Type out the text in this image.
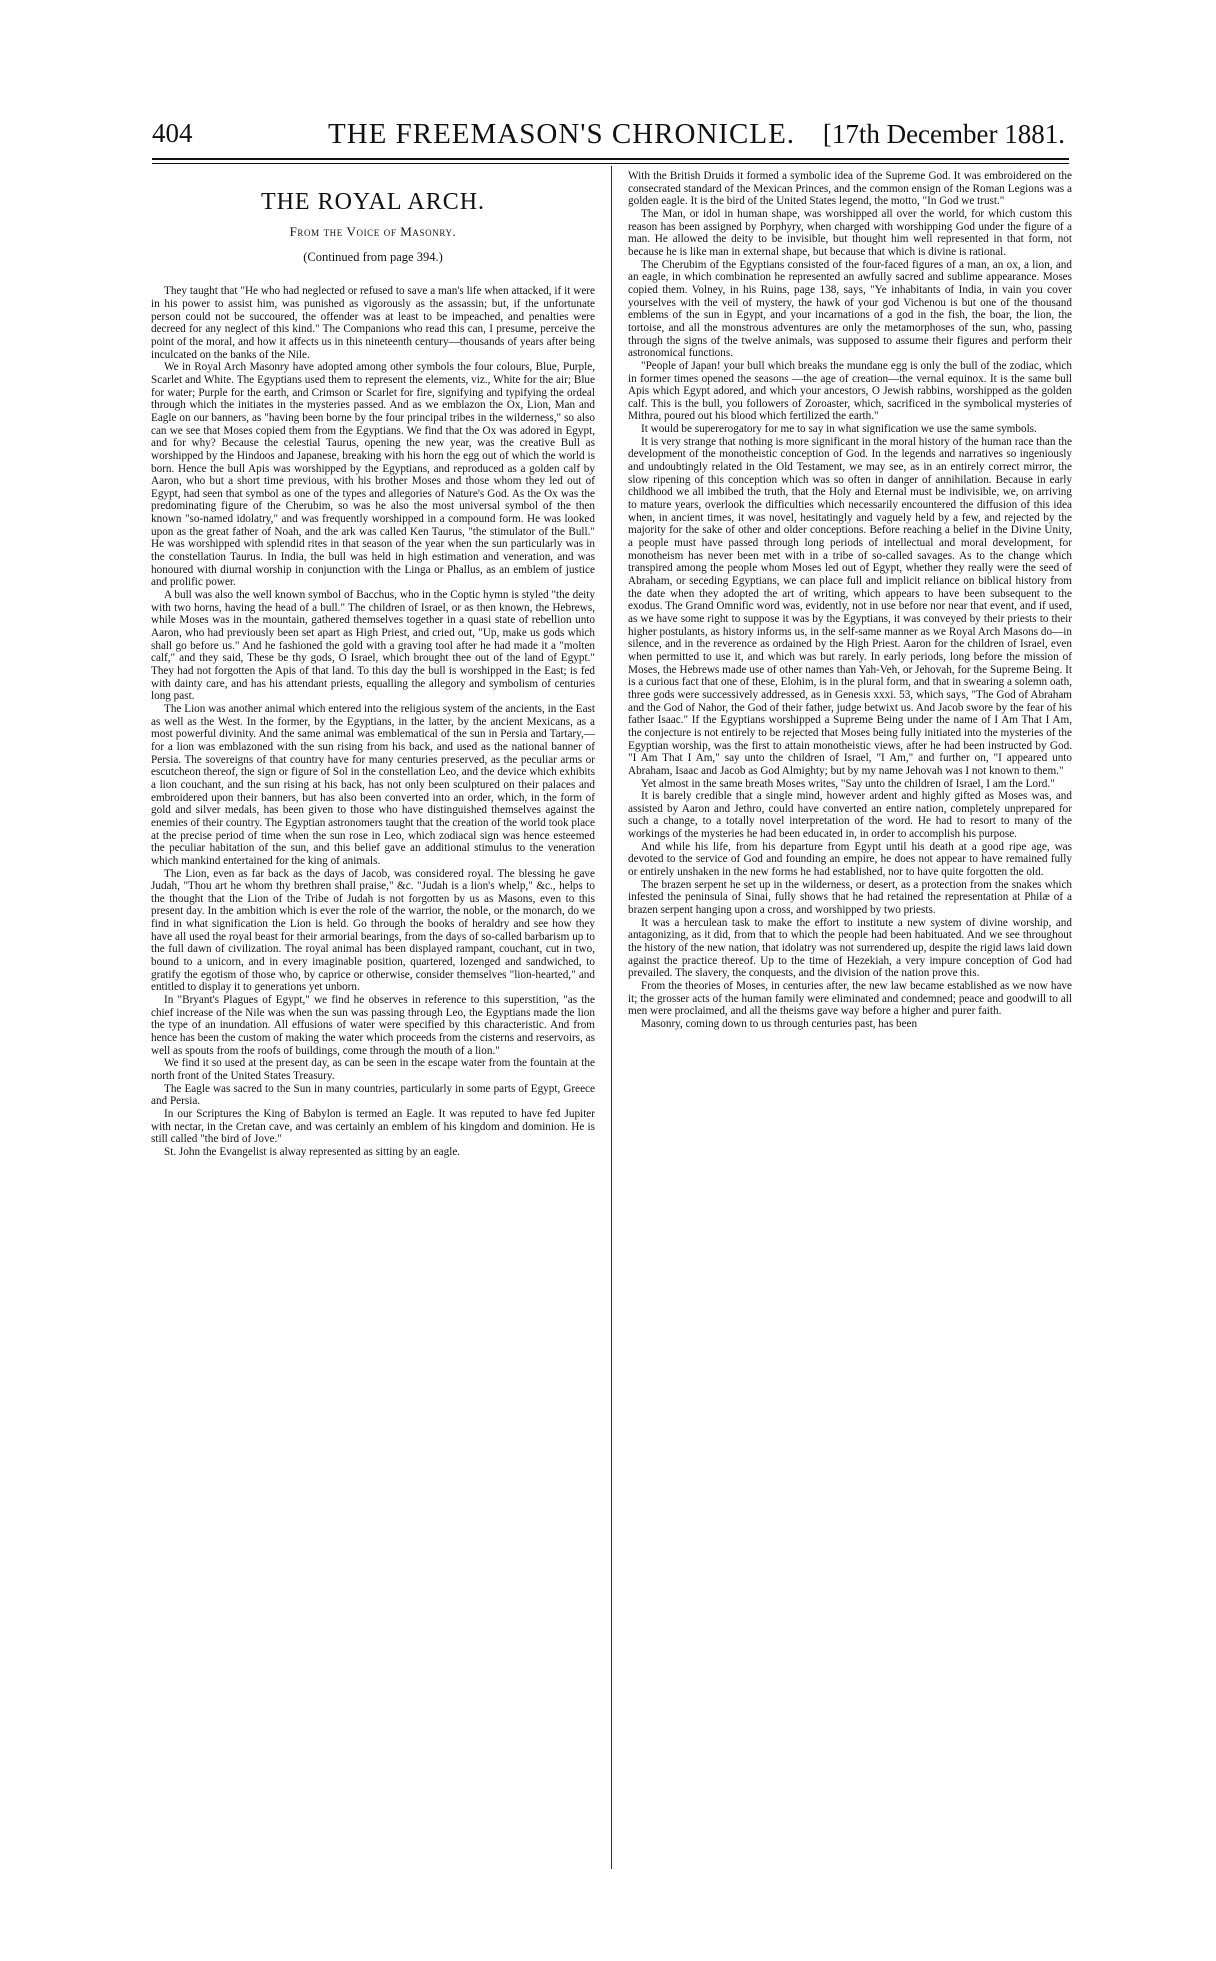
404	THE FREEMASON'S CHRONICLE. [17th December 1881.
THE ROYAL ARCH.
From the Voice of Masonry.
(Continued from page 394.)

They taught that "He who had neglected or refused to save a man's life when attacked, if it were in his power to assist him, was punished as vigorously as the assassin; but, if the unfortunate person could not be succoured, the offender was at least to be impeached, and penalties were decreed for any neglect of this kind." The Companions who read this can, I presume, perceive the point of the moral, and how it affects us in this nineteenth century—thousands of years after being inculcated on the banks of the Nile.

We in Royal Arch Masonry have adopted among other symbols the four colours, Blue, Purple, Scarlet and White. The Egyptians used them to represent the elements, viz., White for the air; Blue for water; Purple for the earth, and Crimson or Scarlet for fire, signifying and typifying the ordeal through which the initiates in the mysteries passed. And as we emblazon the Ox, Lion, Man and Eagle on our banners, as "having been borne by the four principal tribes in the wilderness," so also can we see that Moses copied them from the Egyptians. We find that the Ox was adored in Egypt, and for why? Because the celestial Taurus, opening the new year, was the creative Bull as worshipped by the Hindoos and Japanese, breaking with his horn the egg out of which the world is born. Hence the bull Apis was worshipped by the Egyptians, and reproduced as a golden calf by Aaron, who but a short time previous, with his brother Moses and those whom they led out of Egypt, had seen that symbol as one of the types and allegories of Nature's God. As the Ox was the predominating figure of the Cherubim, so was he also the most universal symbol of the then known "so-named idolatry," and was frequently worshipped in a compound form. He was looked upon as the great father of Noah, and the ark was called Ken Taurus, "the stimulator of the Bull." He was worshipped with splendid rites in that season of the year when the sun particularly was in the constellation Taurus. In India, the bull was held in high estimation and veneration, and was honoured with diurnal worship in conjunction with the Linga or Phallus, as an emblem of justice and prolific power.

A bull was also the well known symbol of Bacchus, who in the Coptic hymn is styled "the deity with two horns, having the head of a bull." The children of Israel, or as then known, the Hebrews, while Moses was in the mountain, gathered themselves together in a quasi state of rebellion unto Aaron, who had previously been set apart as High Priest, and cried out, "Up, make us gods which shall go before us." And he fashioned the gold with a graving tool after he had made it a "molten calf," and they said, These be thy gods, O Israel, which brought thee out of the land of Egypt." They had not forgotten the Apis of that land. To this day the bull is worshipped in the East; is fed with dainty care, and has his attendant priests, equalling the allegory and symbolism of centuries long past.

The Lion was another animal which entered into the religious system of the ancients, in the East as well as the West. In the former, by the Egyptians, in the latter, by the ancient Mexicans, as a most powerful divinity. And the same animal was emblematical of the sun in Persia and Tartary,—for a lion was emblazoned with the sun rising from his back, and used as the national banner of Persia. The sovereigns of that country have for many centuries preserved, as the peculiar arms or escutcheon thereof, the sign or figure of Sol in the constellation Leo, and the device which exhibits a lion couchant, and the sun rising at his back, has not only been sculptured on their palaces and embroidered upon their banners, but has also been converted into an order, which, in the form of gold and silver medals, has been given to those who have distinguished themselves against the enemies of their country. The Egyptian astronomers taught that the creation of the world took place at the precise period of time when the sun rose in Leo, which zodiacal sign was hence esteemed the peculiar habitation of the sun, and this belief gave an additional stimulus to the veneration which mankind entertained for the king of animals.

The Lion, even as far back as the days of Jacob, was considered royal. The blessing he gave Judah, "Thou art he whom thy brethren shall praise," &c. "Judah is a lion's whelp," &c., helps to the thought that the Lion of the Tribe of Judah is not forgotten by us as Masons, even to this present day. In the ambition which is ever the role of the warrior, the noble, or the monarch, do we find in what signification the Lion is held. Go through the books of heraldry and see how they have all used the royal beast for their armorial bearings, from the days of so-called barbarism up to the full dawn of civilization. The royal animal has been displayed rampant, couchant, cut in two, bound to a unicorn, and in every imaginable position, quartered, lozenged and sandwiched, to gratify the egotism of those who, by caprice or otherwise, consider themselves "lion-hearted," and entitled to display it to generations yet unborn.

In "Bryant's Plagues of Egypt," we find he observes in reference to this superstition, "as the chief increase of the Nile was when the sun was passing through Leo, the Egyptians made the lion the type of an inundation. All effusions of water were specified by this characteristic. And from hence has been the custom of making the water which proceeds from the cisterns and reservoirs, as well as spouts from the roofs of buildings, come through the mouth of a lion."

We find it so used at the present day, as can be seen in the escape water from the fountain at the north front of the United States Treasury.

The Eagle was sacred to the Sun in many countries, particularly in some parts of Egypt, Greece and Persia.

In our Scriptures the King of Babylon is termed an Eagle. It was reputed to have fed Jupiter with nectar, in the Cretan cave, and was certainly an emblem of his kingdom and dominion. He is still called "the bird of Jove."

St. John the Evangelist is alway represented as sitting by an eagle.

With the British Druids it formed a symbolic idea of the Supreme God. It was embroidered on the consecrated standard of the Mexican Princes, and the common ensign of the Roman Legions was a golden eagle. It is the bird of the United States legend, the motto, "In God we trust."

The Man, or idol in human shape, was worshipped all over the world, for which custom this reason has been assigned by Porphyry, when charged with worshipping God under the figure of a man. He allowed the deity to be invisible, but thought him well represented in that form, not because he is like man in external shape, but because that which is divine is rational.

The Cherubim of the Egyptians consisted of the four-faced figures of a man, an ox, a lion, and an eagle, in which combination he represented an awfully sacred and sublime appearance. Moses copied them. Volney, in his Ruins, page 138, says, "Ye inhabitants of India, in vain you cover yourselves with the veil of mystery, the hawk of your god Vichenou is but one of the thousand emblems of the sun in Egypt, and your incarnations of a god in the fish, the boar, the lion, the tortoise, and all the monstrous adventures are only the metamorphoses of the sun, who, passing through the signs of the twelve animals, was supposed to assume their figures and perform their astronomical functions.

"People of Japan! your bull which breaks the mundane egg is only the bull of the zodiac, which in former times opened the seasons —the age of creation—the vernal equinox. It is the same bull Apis which Egypt adored, and which your ancestors, O Jewish rabbins, worshipped as the golden calf. This is the bull, you followers of Zoroaster, which, sacrificed in the symbolical mysteries of Mithra, poured out his blood which fertilized the earth."

It would be supererogatory for me to say in what signification we use the same symbols.

It is very strange that nothing is more significant in the moral history of the human race than the development of the monotheistic conception of God. In the legends and narratives so ingeniously and undoubtingly related in the Old Testament, we may see, as in an entirely correct mirror, the slow ripening of this conception which was so often in danger of annihilation. Because in early childhood we all imbibed the truth, that the Holy and Eternal must be indivisible, we, on arriving to mature years, overlook the difficulties which necessarily encountered the diffusion of this idea when, in ancient times, it was novel, hesitatingly and vaguely held by a few, and rejected by the majority for the sake of other and older conceptions. Before reaching a belief in the Divine Unity, a people must have passed through long periods of intellectual and moral development, for monotheism has never been met with in a tribe of so-called savages. As to the change which transpired among the people whom Moses led out of Egypt, whether they really were the seed of Abraham, or seceding Egyptians, we can place full and implicit reliance on biblical history from the date when they adopted the art of writing, which appears to have been subsequent to the exodus. The Grand Omnific word was, evidently, not in use before nor near that event, and if used, as we have some right to suppose it was by the Egyptians, it was conveyed by their priests to their higher postulants, as history informs us, in the self-same manner as we Royal Arch Masons do—in silence, and in the reverence as ordained by the High Priest. Aaron for the children of Israel, even when permitted to use it, and which was but rarely. In early periods, long before the mission of Moses, the Hebrews made use of other names than Yah-Veh, or Jehovah, for the Supreme Being. It is a curious fact that one of these, Elohim, is in the plural form, and that in swearing a solemn oath, three gods were successively addressed, as in Genesis xxxi. 53, which says, "The God of Abraham and the God of Nahor, the God of their father, judge betwixt us. And Jacob swore by the fear of his father Isaac." If the Egyptians worshipped a Supreme Being under the name of I Am That I Am, the conjecture is not entirely to be rejected that Moses being fully initiated into the mysteries of the Egyptian worship, was the first to attain monotheistic views, after he had been instructed by God. "I Am That I Am," say unto the children of Israel, "I Am," and further on, "I appeared unto Abraham, Isaac and Jacob as God Almighty; but by my name Jehovah was I not known to them."

Yet almost in the same breath Moses writes, "Say unto the children of Israel, I am the Lord."

It is barely credible that a single mind, however ardent and highly gifted as Moses was, and assisted by Aaron and Jethro, could have converted an entire nation, completely unprepared for such a change, to a totally novel interpretation of the word. He had to resort to many of the workings of the mysteries he had been educated in, in order to accomplish his purpose.

And while his life, from his departure from Egypt until his death at a good ripe age, was devoted to the service of God and founding an empire, he does not appear to have remained fully or entirely unshaken in the new forms he had established, nor to have quite forgotten the old.

The brazen serpent he set up in the wilderness, or desert, as a protection from the snakes which infested the peninsula of Sinai, fully shows that he had retained the representation at Philæ of a brazen serpent hanging upon a cross, and worshipped by two priests.

It was a herculean task to make the effort to institute a new system of divine worship, and antagonizing, as it did, from that to which the people had been habituated. And we see throughout the history of the new nation, that idolatry was not surrendered up, despite the rigid laws laid down against the practice thereof. Up to the time of Hezekiah, a very impure conception of God had prevailed. The slavery, the conquests, and the division of the nation prove this.

From the theories of Moses, in centuries after, the new law became established as we now have it; the grosser acts of the human family were eliminated and condemned; peace and goodwill to all men were proclaimed, and all the theisms gave way before a higher and purer faith.

Masonry, coming down to us through centuries past, has been
